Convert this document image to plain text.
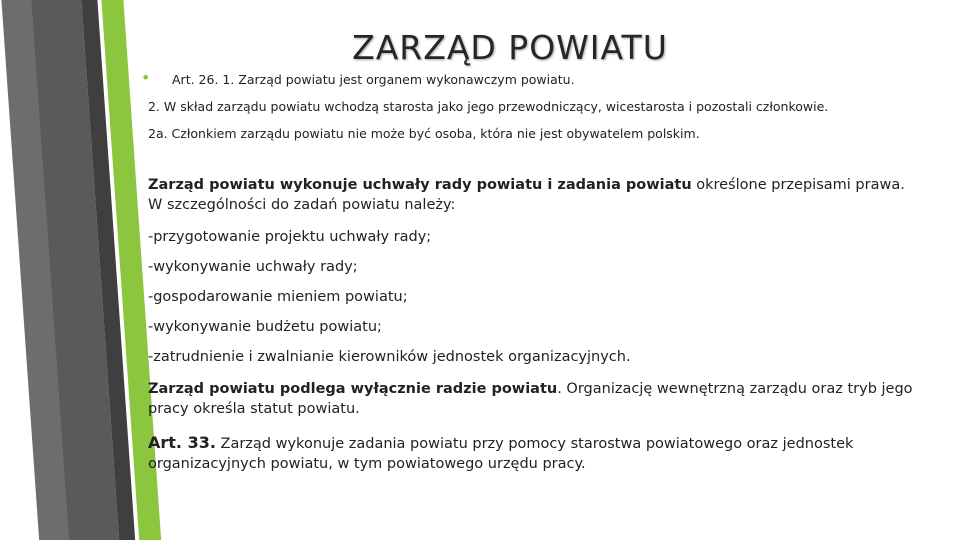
ZARZĄD POWIATU
• Art. 26. 1. Zarząd powiatu jest organem wykonawczym powiatu.
2. W skład zarządu powiatu wchodzą starosta jako jego przewodniczący, wicestarosta i pozostali członkowie.
2a. Członkiem zarządu powiatu nie może być osoba, która nie jest obywatelem polskim.
Zarząd powiatu wykonuje uchwały rady powiatu i zadania powiatu określone przepisami prawa. W szczególności do zadań powiatu należy:
-przygotowanie projektu uchwały rady;
-wykonywanie uchwały rady;
-gospodarowanie mieniem powiatu;
-wykonywanie budżetu powiatu;
-zatrudnienie i zwalnianie kierowników jednostek organizacyjnych.
Zarząd powiatu podlega wyłącznie radzie powiatu. Organizację wewnętrzną zarządu oraz tryb jego pracy określa statut powiatu.
Art. 33. Zarząd wykonuje zadania powiatu przy pomocy starostwa powiatowego oraz jednostek organizacyjnych powiatu, w tym powiatowego urzędu pracy.
